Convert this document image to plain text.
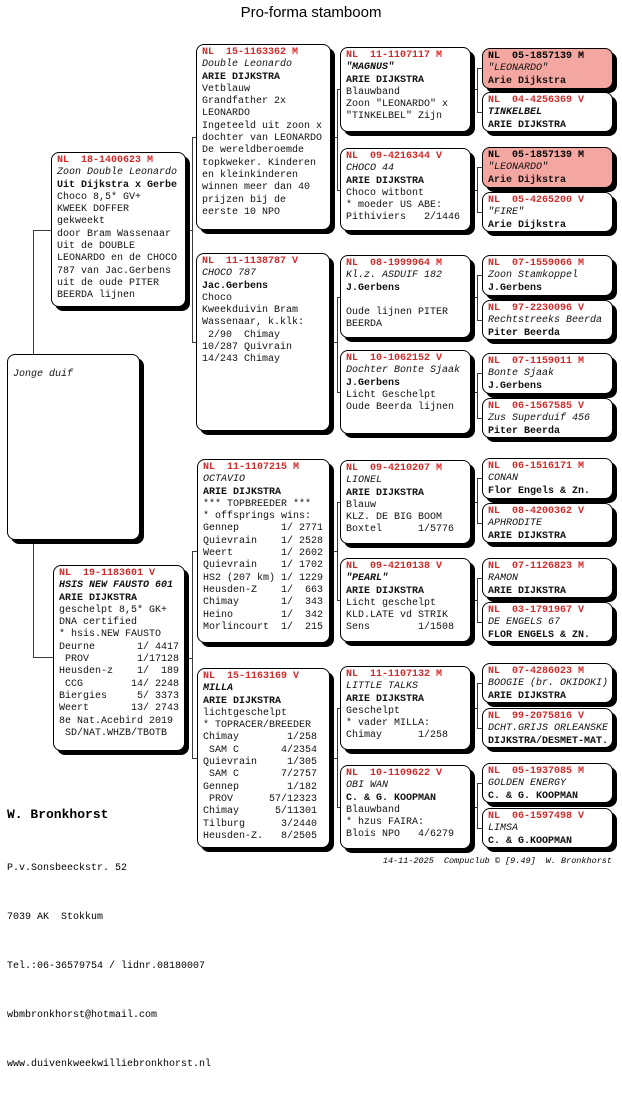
Pro-forma stamboom

Jonge duif
NL  18-1400623 M
Zoon Double Leonardo
Uit Dijkstra x Gerbe
Choco 8,5* GV+
KWEEK DOFFER
gekweekt
door Bram Wassenaar
Uit de DOUBLE
LEONARDO en de CHOCO
787 van Jac.Gerbens
uit de oude PITER
BEERDA lijnen
NL  19-1183601 V
HSIS NEW FAUSTO 601
ARIE DIJKSTRA
geschelpt 8,5* GK+
DNA certified
* hsis.NEW FAUSTO
Deurne       1/ 4417
PROV        1/17128
Heusden-z    1/  189
CCG        14/ 2248
Biergies     5/ 3373
Weert       13/ 2743
8e Nat.Acebird 2019
SD/NAT.WHZB/TBOTB
NL  15-1163362 M
Double Leonardo
ARIE DIJKSTRA
Vetblauw
Grandfather 2x
LEONARDO
Ingeteeld uit zoon x
dochter van LEONARDO
De wereldberoemde
topkweker. Kinderen
en kleinkinderen
winnen meer dan 40
prijzen bij de
eerste 10 NPO
NL  11-1138787 V
CHOCO 787
Jac.Gerbens
Choco
Kweekduivin Bram
Wassenaar, k.klk:
2/90  Chimay
10/287 Quivrain
14/243 Chimay
NL  11-1107215 M
OCTAVIO
ARIE DIJKSTRA
*** TOPBREEDER ***
* offsprings wins:
Gennep       1/ 2771
Quievrain    1/ 2528
Weert        1/ 2602
Quievrain    1/ 1702
HS2 (207 km) 1/ 1229
Heusden-Z    1/  663
Chimay       1/  343
Heino        1/  342
Morlincourt  1/  215
NL  15-1163169 V
MILLA
ARIE DIJKSTRA
lichtgeschelpt
* TOPRACER/BREEDER
Chimay        1/258
SAM C       4/2354
Quievrain     1/305
SAM C       7/2757
Gennep        1/182
PROV      57/12323
Chimay      5/11301
Tilburg      3/2440
Heusden-Z.   8/2505
NL  11-1107117 M
"MAGNUS"
ARIE DIJKSTRA
Blauwband
Zoon "LEONARDO" x
"TINKELBEL" Zijn
NL  09-4216344 V
CHOCO 44
ARIE DIJKSTRA
Choco witbont
* moeder US ABE:
Pithiviers   2/1446
NL  08-1999964 M
Kl.z. ASDUIF 182
J.Gerbens

Oude lijnen PITER
BEERDA
NL  10-1062152 V
Dochter Bonte Sjaak
J.Gerbens
Licht Geschelpt
Oude Beerda lijnen
NL  09-4210207 M
LIONEL
ARIE DIJKSTRA
Blauw
KLZ. DE BIG BOOM
Boxtel      1/5776
NL  09-4210138 V
"PEARL"
ARIE DIJKSTRA
Licht geschelpt
KLD.LATE vd STRIK
Sens        1/1508
NL  11-1107132 M
LITTLE TALKS
ARIE DIJKSTRA
Geschelpt
* vader MILLA:
Chimay      1/258
NL  10-1109622 V
OBI WAN
C. & G. KOOPMAN
Blauwband
* hzus FAIRA:
Blois NPO   4/6279
NL  05-1857139 M
"LEONARDO"
Arie Dijkstra
NL  04-4256369 V
TINKELBEL
ARIE DIJKSTRA
NL  05-1857139 M
"LEONARDO"
Arie Dijkstra
NL  05-4265200 V
"FIRE"
Arie Dijkstra
NL  07-1559066 M
Zoon Stamkoppel
J.Gerbens
NL  97-2230096 V
Rechtstreeks Beerda
Piter Beerda
NL  07-1159011 M
Bonte Sjaak
J.Gerbens
NL  06-1567585 V
Zus Superduif 456
Piter Beerda
NL  06-1516171 M
CONAN
Flor Engels & Zn.
NL  08-4200362 V
APHRODITE
ARIE DIJKSTRA
NL  07-1126823 M
RAMON
ARIE DIJKSTRA
NL  03-1791967 V
DE ENGELS 67
FLOR ENGELS & ZN.
NL  07-4286023 M
BOOGIE (br. OKIDOKI)
ARIE DIJKSTRA
NL  99-2075816 V
DCHT.GRIJS ORLEANSKE
DIJKSTRA/DESMET-MAT.
NL  05-1937085 M
GOLDEN ENERGY
C. & G. KOOPMAN
NL  06-1597498 V
LIMSA
C. & G.KOOPMAN

W. Bronkhorst

P.v.Sonsbeeckstr. 52

7039 AK  Stokkum

Tel.:06-36579754 / lidnr.08180007

wbmbronkhorst@hotmail.com

www.duivenkweekwilliebronkhorst.nl

14-11-2025 Compuclub © [9.49] W. Bronkhorst
